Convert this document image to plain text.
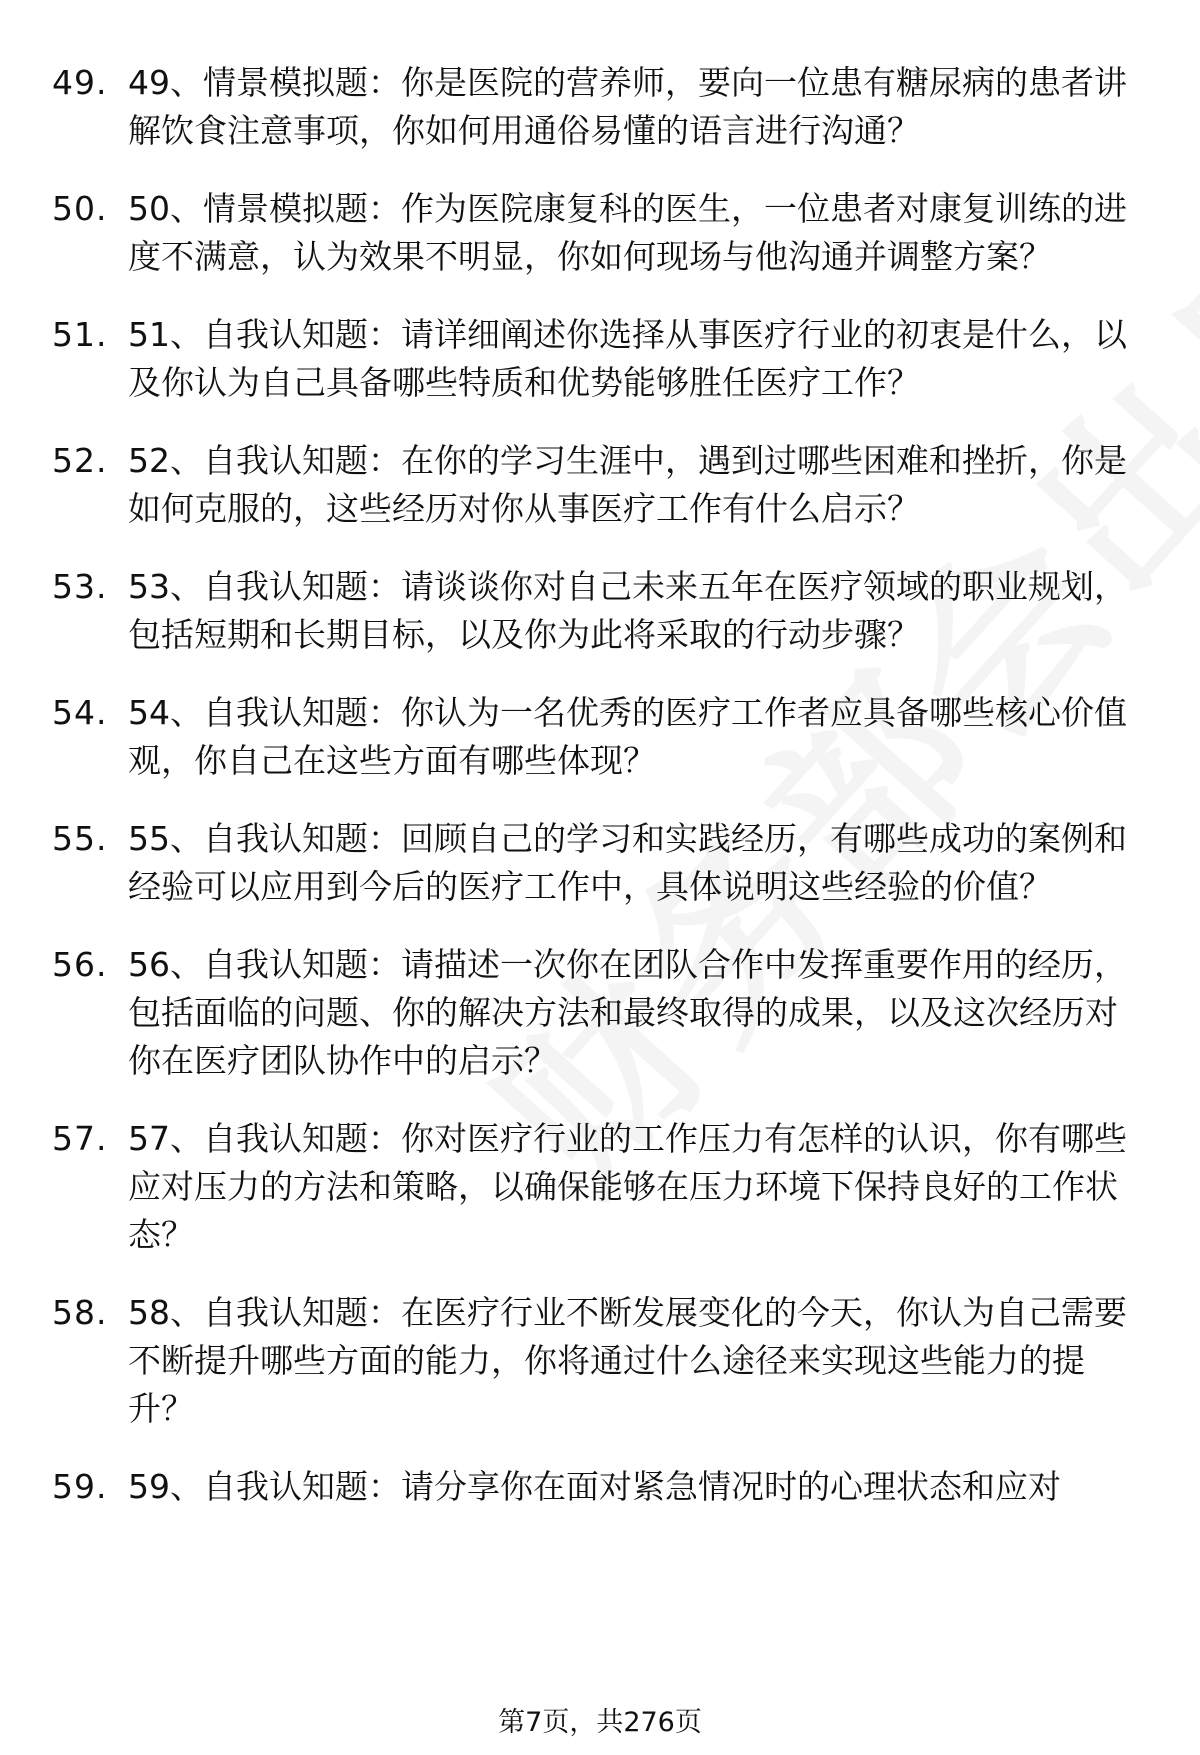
49. 49、情景模拟题：你是医院的营养师，要向一位患有糖尿病的患者讲解饮食注意事项，你如何用通俗易懂的语言进行沟通？
50. 50、情景模拟题：作为医院康复科的医生，一位患者对康复训练的进度不满意，认为效果不明显，你如何现场与他沟通并调整方案？
51. 51、自我认知题：请详细阐述你选择从事医疗行业的初衷是什么，以及你认为自己具备哪些特质和优势能够胜任医疗工作？
52. 52、自我认知题：在你的学习生涯中，遇到过哪些困难和挫折，你是如何克服的，这些经历对你从事医疗工作有什么启示？
53. 53、自我认知题：请谈谈你对自己未来五年在医疗领域的职业规划，包括短期和长期目标，以及你为此将采取的行动步骤？
54. 54、自我认知题：你认为一名优秀的医疗工作者应具备哪些核心价值观，你自己在这些方面有哪些体现？
55. 55、自我认知题：回顾自己的学习和实践经历，有哪些成功的案例和经验可以应用到今后的医疗工作中，具体说明这些经验的价值？
56. 56、自我认知题：请描述一次你在团队合作中发挥重要作用的经历，包括面临的问题、你的解决方法和最终取得的成果，以及这次经历对你在医疗团队协作中的启示？
57. 57、自我认知题：你对医疗行业的工作压力有怎样的认识，你有哪些应对压力的方法和策略，以确保能够在压力环境下保持良好的工作状态？
58. 58、自我认知题：在医疗行业不断发展变化的今天，你认为自己需要不断提升哪些方面的能力，你将通过什么途径来实现这些能力的提升？
59. 59、自我认知题：请分享你在面对紧急情况时的心理状态和应对
第7页，共276页
